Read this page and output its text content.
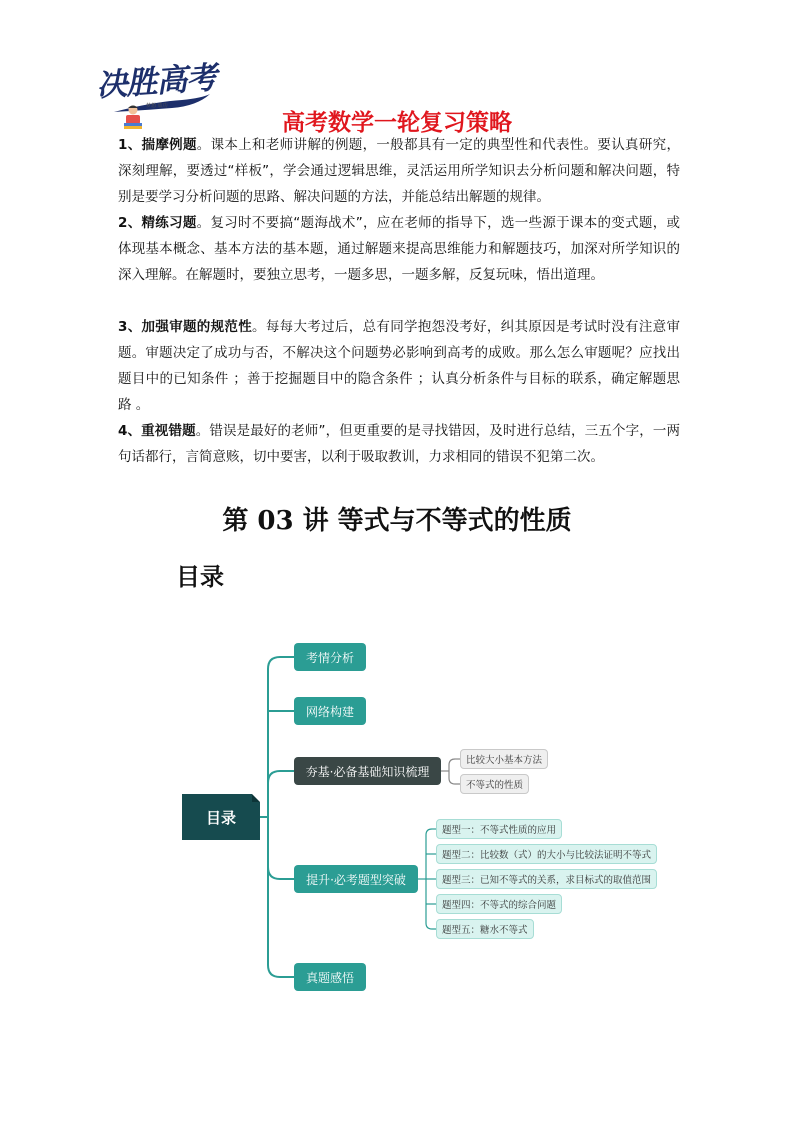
决胜高考
梦想 成功
高考数学一轮复习策略

1、揣摩例题。课本上和老师讲解的例题，一般都具有一定的典型性和代表性。要认真研究，深刻理解，要透过“样板”，学会通过逻辑思维，灵活运用所学知识去分析问题和解决问题，特别是要学习分析问题的思路、解决问题的方法，并能总结出解题的规律。

2、精练习题。复习时不要搞“题海战术”，应在老师的指导下，选一些源于课本的变式题，或体现基本概念、基本方法的基本题，通过解题来提高思维能力和解题技巧，加深对所学知识的深入理解。在解题时，要独立思考，一题多思，一题多解，反复玩味，悟出道理。

3、加强审题的规范性。每每大考过后，总有同学抱怨没考好，纠其原因是考试时没有注意审题。审题决定了成功与否，不解决这个问题势必影响到高考的成败。那么怎么审题呢？应找出题目中的已知条件 ；善于挖掘题目中的隐含条件 ；认真分析条件与目标的联系，确定解题思路 。

4、重视错题。错误是最好的老师”，但更重要的是寻找错因，及时进行总结，三五个字，一两句话都行，言简意赅，切中要害，以利于吸取教训，力求相同的错误不犯第二次。

第 03 讲 等式与不等式的性质
目录
目录
考情分析
网络构建
夯基·必备基础知识梳理
提升·必考题型突破
真题感悟
比较大小基本方法
不等式的性质
题型一：不等式性质的应用
题型二：比较数（式）的大小与比较法证明不等式
题型三：已知不等式的关系，求目标式的取值范围
题型四：不等式的综合问题
题型五：糖水不等式
